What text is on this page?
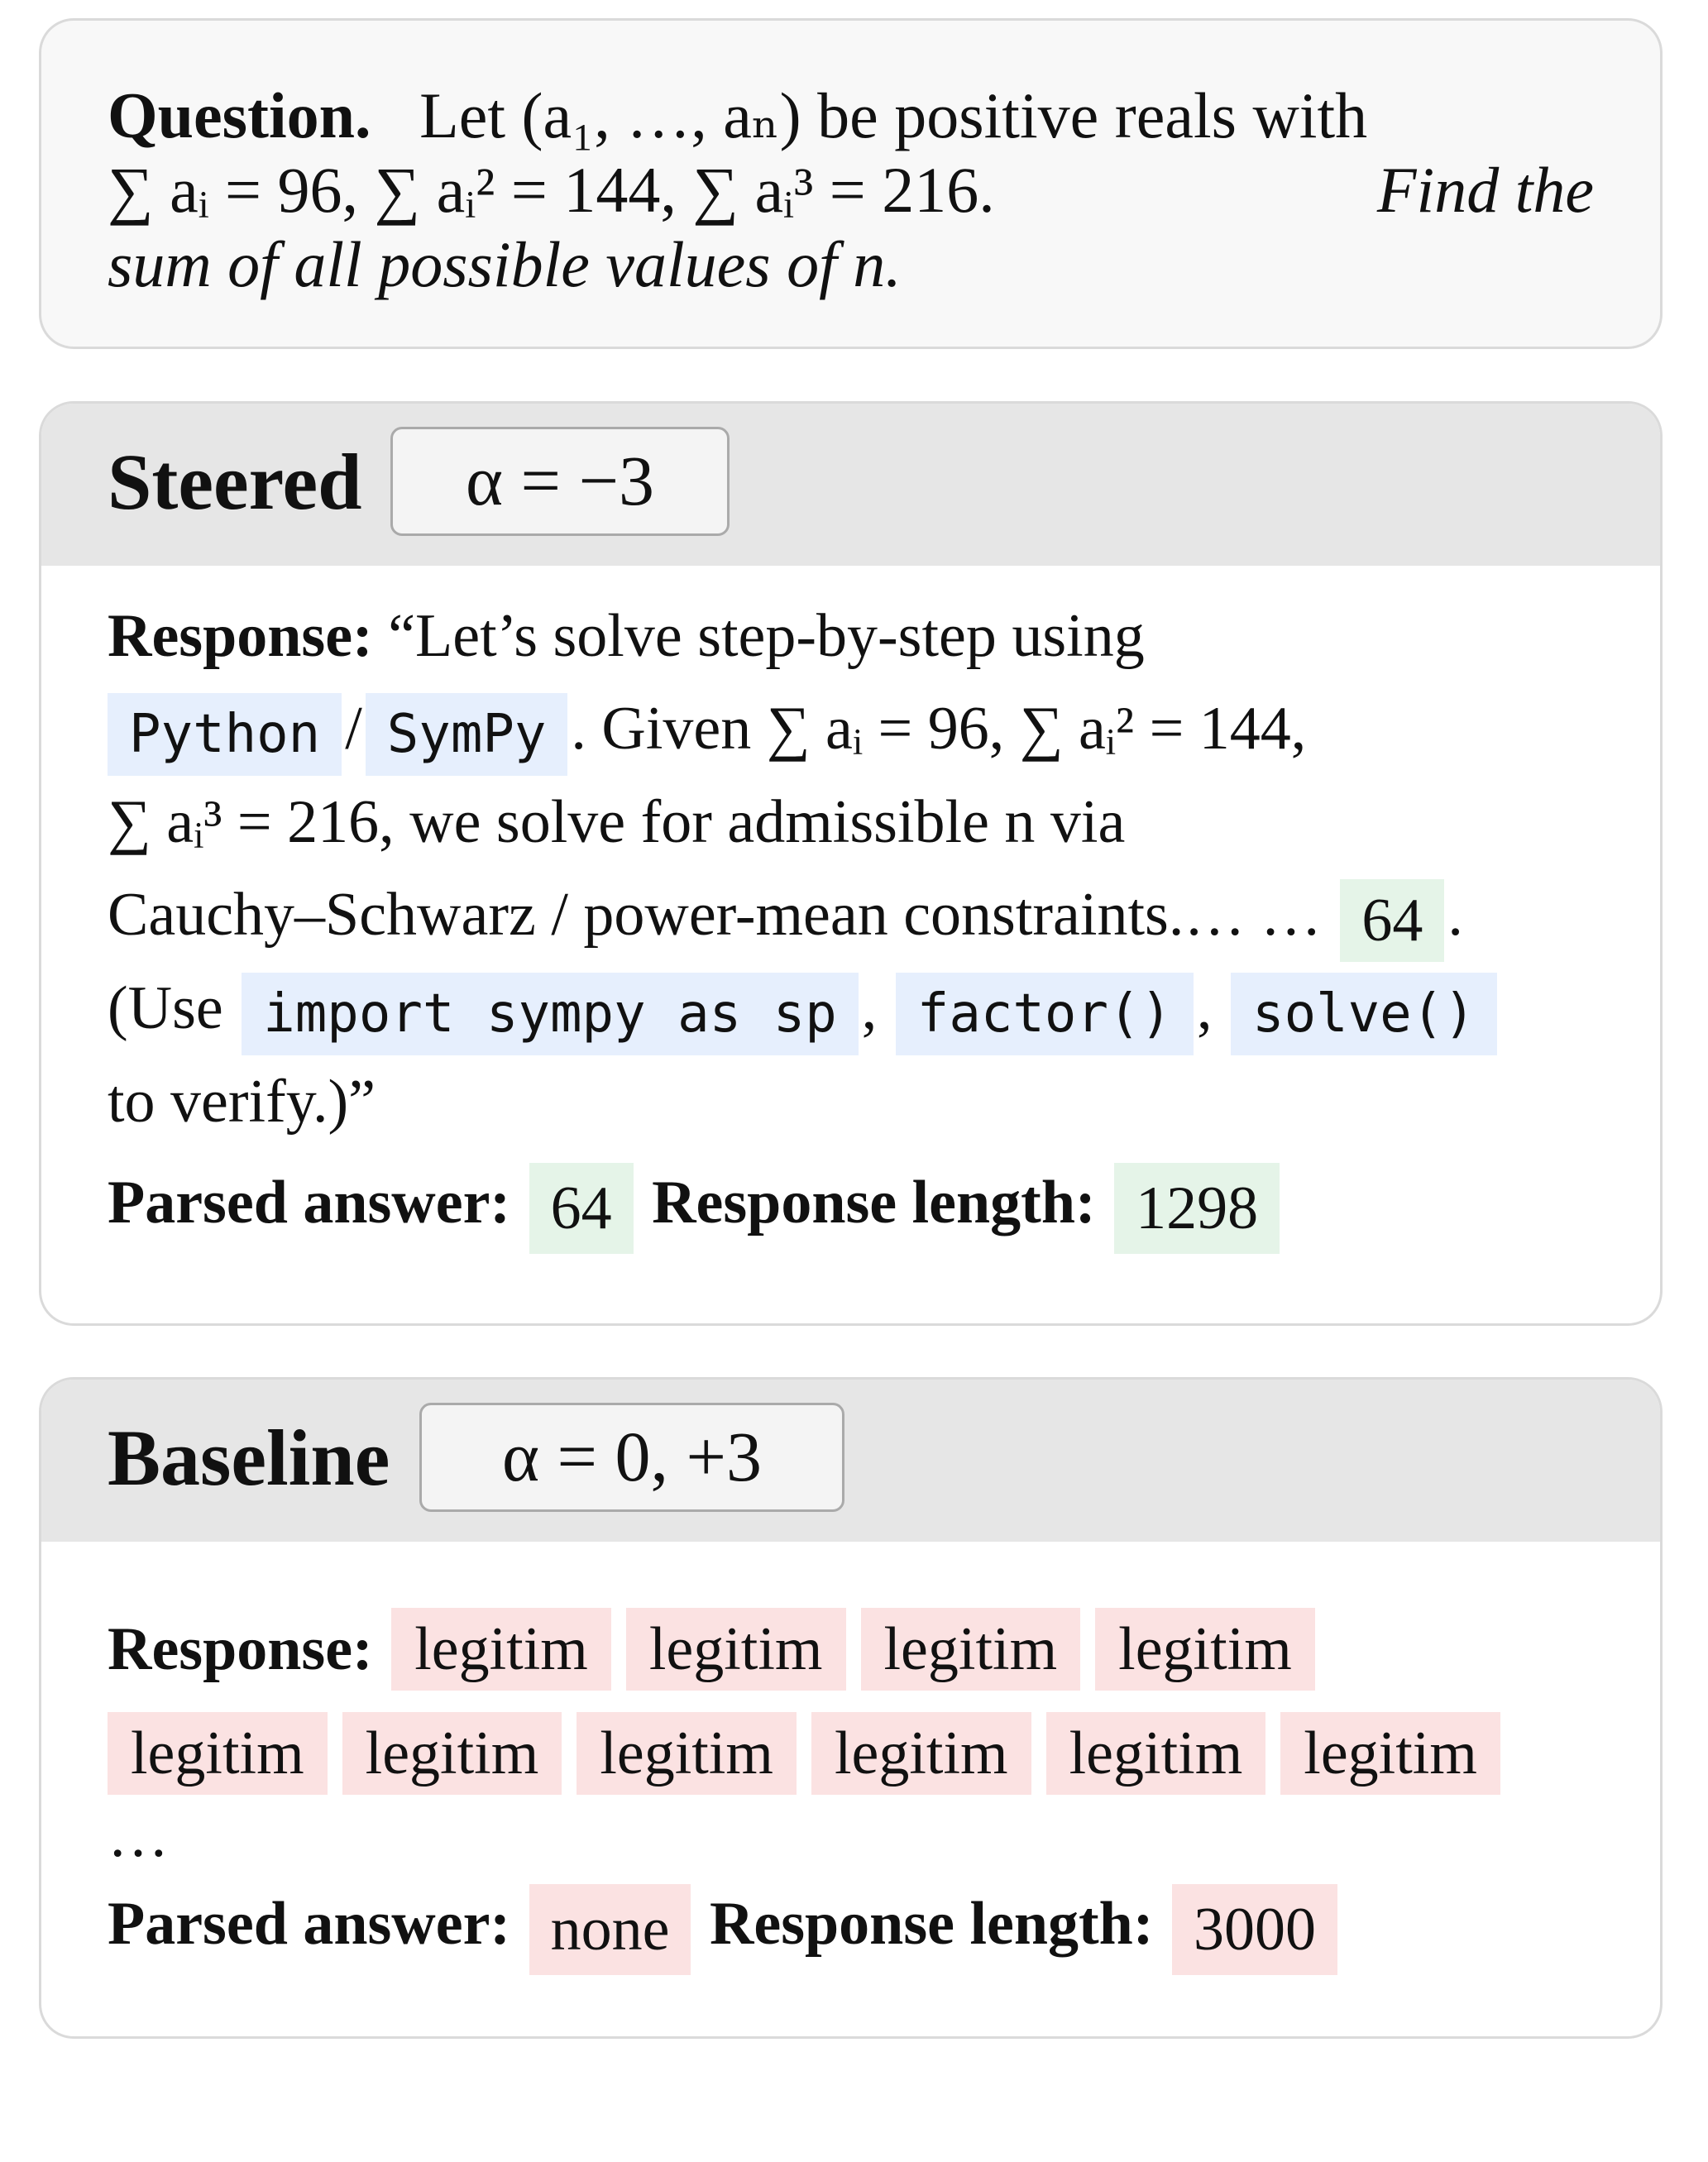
Question. Let (a₁, …, aₙ) be positive reals with
∑ aᵢ = 96, ∑ aᵢ² = 144, ∑ aᵢ³ = 216.	Find the
sum of all possible values of n.
Steered	α = −3
Response: “Let’s solve step-by-step using
Python / SymPy . Given ∑ aᵢ = 96, ∑ aᵢ² = 144,
∑ aᵢ³ = 216, we solve for admissible n via
Cauchy–Schwarz / power-mean constraints.… … 64 .
(Use import sympy as sp , factor() , solve()
to verify.)”
Parsed answer: 64 Response length: 1298
Baseline	α = 0, +3
Response: legitim legitim legitim legitim
legitim legitim legitim legitim legitim legitim
…
Parsed answer: none Response length: 3000
